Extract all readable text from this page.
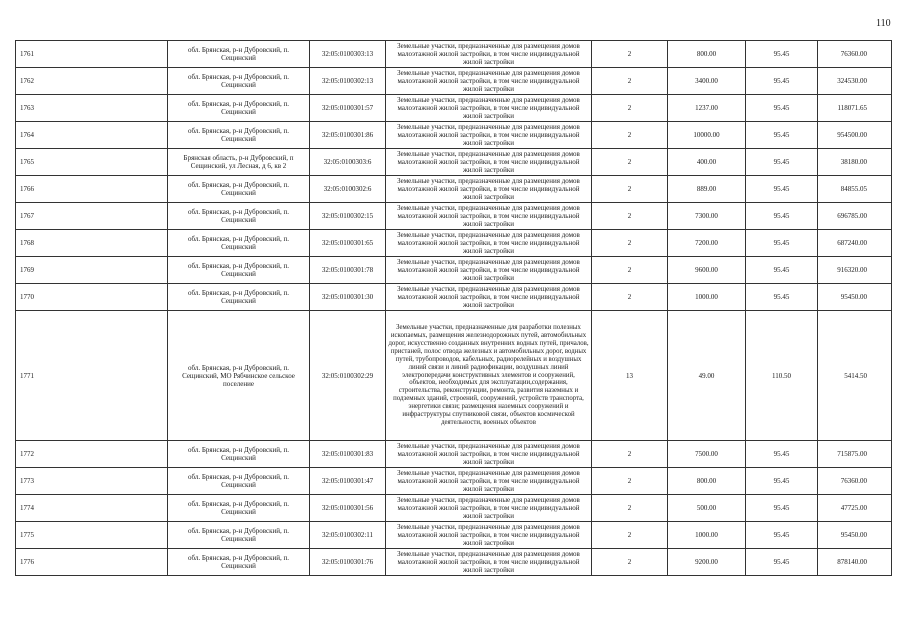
110
1761	обл. Брянская, р-н Дубровский, п. Сещинский	32:05:0100303:13	Земельные участки, предназначенные для размещения домов малоэтажной жилой застройки, в том числе индивидуальной жилой застройки	2	800.00	95.45	76360.00
1762	обл. Брянская, р-н Дубровский, п. Сещинский	32:05:0100302:13	Земельные участки, предназначенные для размещения домов малоэтажной жилой застройки, в том числе индивидуальной жилой застройки	2	3400.00	95.45	324530.00
1763	обл. Брянская, р-н Дубровский, п. Сещинский	32:05:0100301:57	Земельные участки, предназначенные для размещения домов малоэтажной жилой застройки, в том числе индивидуальной жилой застройки	2	1237.00	95.45	118071.65
1764	обл. Брянская, р-н Дубровский, п. Сещинский	32:05:0100301:86	Земельные участки, предназначенные для размещения домов малоэтажной жилой застройки, в том числе индивидуальной жилой застройки	2	10000.00	95.45	954500.00
1765	Брянская область, р-н Дубровский, п Сещинский, ул Лесная, д 6, кв 2	32:05:0100303:6	Земельные участки, предназначенные для размещения домов малоэтажной жилой застройки, в том числе индивидуальной жилой застройки	2	400.00	95.45	38180.00
1766	обл. Брянская, р-н Дубровский, п. Сещинский	32:05:0100302:6	Земельные участки, предназначенные для размещения домов малоэтажной жилой застройки, в том числе индивидуальной жилой застройки	2	889.00	95.45	84855.05
1767	обл. Брянская, р-н Дубровский, п. Сещинский	32:05:0100302:15	Земельные участки, предназначенные для размещения домов малоэтажной жилой застройки, в том числе индивидуальной жилой застройки	2	7300.00	95.45	696785.00
1768	обл. Брянская, р-н Дубровский, п. Сещинский	32:05:0100301:65	Земельные участки, предназначенные для размещения домов малоэтажной жилой застройки, в том числе индивидуальной жилой застройки	2	7200.00	95.45	687240.00
1769	обл. Брянская, р-н Дубровский, п. Сещинский	32:05:0100301:78	Земельные участки, предназначенные для размещения домов малоэтажной жилой застройки, в том числе индивидуальной жилой застройки	2	9600.00	95.45	916320.00
1770	обл. Брянская, р-н Дубровский, п. Сещинский	32:05:0100301:30	Земельные участки, предназначенные для размещения домов малоэтажной жилой застройки, в том числе индивидуальной жилой застройки	2	1000.00	95.45	95450.00
1771	обл. Брянская, р-н Дубровский, п. Сещинский, МО Рябчинское сельское поселение	32:05:0100302:29	Земельные участки, предназначенные для разработки полезных ископаемых, размещения железнодорожных путей, автомобильных дорог, искусственно созданных внутренних водных путей, причалов, пристаней, полос отвода железных и автомобильных дорог, водных путей, трубопроводов, кабельных, радиорелейных и воздушных линий связи и линий радиофикации, воздушных линий электропередачи конструктивных элементов и сооружений, объектов, необходимых для эксплуатации,содержания, строительства, реконструкции, ремонта, развития наземных и подземных зданий, строений, сооружений, устройств транспорта, энергетики связи; размещения наземных сооружений и инфраструктуры спутниковой связи, объектов космической деятельности, военных объектов	13	49.00	110.50	5414.50
1772	обл. Брянская, р-н Дубровский, п. Сещинский	32:05:0100301:83	Земельные участки, предназначенные для размещения домов малоэтажной жилой застройки, в том числе индивидуальной жилой застройки	2	7500.00	95.45	715875.00
1773	обл. Брянская, р-н Дубровский, п. Сещинский	32:05:0100301:47	Земельные участки, предназначенные для размещения домов малоэтажной жилой застройки, в том числе индивидуальной жилой застройки	2	800.00	95.45	76360.00
1774	обл. Брянская, р-н Дубровский, п. Сещинский	32:05:0100301:56	Земельные участки, предназначенные для размещения домов малоэтажной жилой застройки, в том числе индивидуальной жилой застройки	2	500.00	95.45	47725.00
1775	обл. Брянская, р-н Дубровский, п. Сещинский	32:05:0100302:11	Земельные участки, предназначенные для размещения домов малоэтажной жилой застройки, в том числе индивидуальной жилой застройки	2	1000.00	95.45	95450.00
1776	обл. Брянская, р-н Дубровский, п. Сещинский	32:05:0100301:76	Земельные участки, предназначенные для размещения домов малоэтажной жилой застройки, в том числе индивидуальной жилой застройки	2	9200.00	95.45	878140.00
